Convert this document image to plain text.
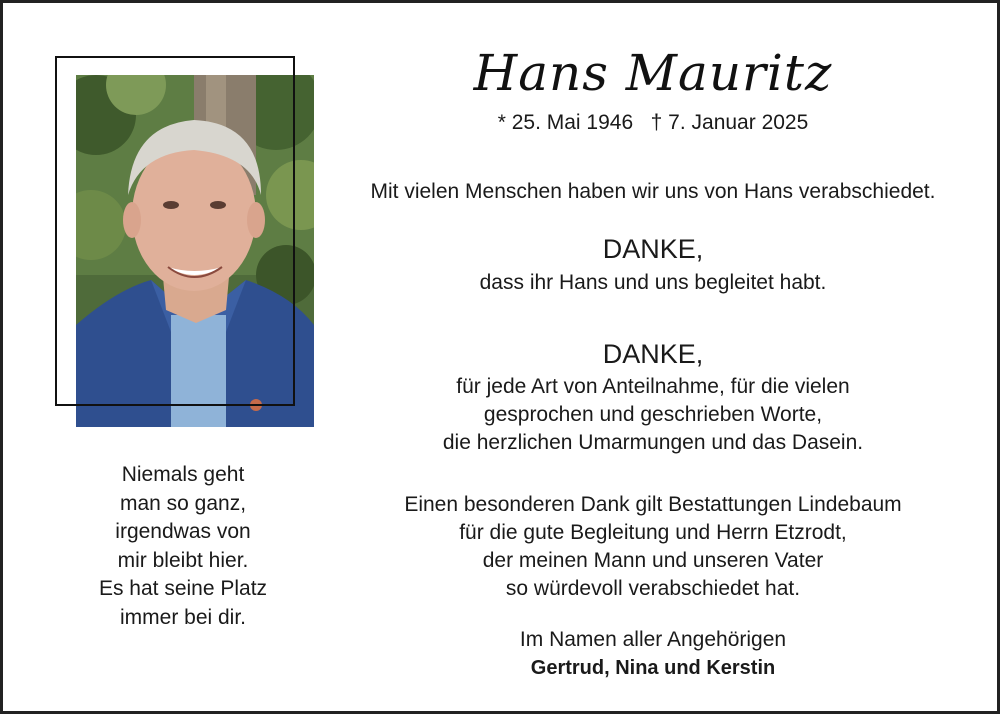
Niemals geht
man so ganz,
irgendwas von
mir bleibt hier.
Es hat seine Platz
immer bei dir.
Hans Mauritz
* 25. Mai 1946 † 7. Januar 2025
Mit vielen Menschen haben wir uns von Hans verabschiedet.
DANKE,
dass ihr Hans und uns begleitet habt.
DANKE,
für jede Art von Anteilnahme, für die vielen
gesprochen und geschrieben Worte,
die herzlichen Umarmungen und das Dasein.
Einen besonderen Dank gilt Bestattungen Lindebaum
für die gute Begleitung und Herrn Etzrodt,
der meinen Mann und unseren Vater
so würdevoll verabschiedet hat.
Im Namen aller Angehörigen
Gertrud, Nina und Kerstin
